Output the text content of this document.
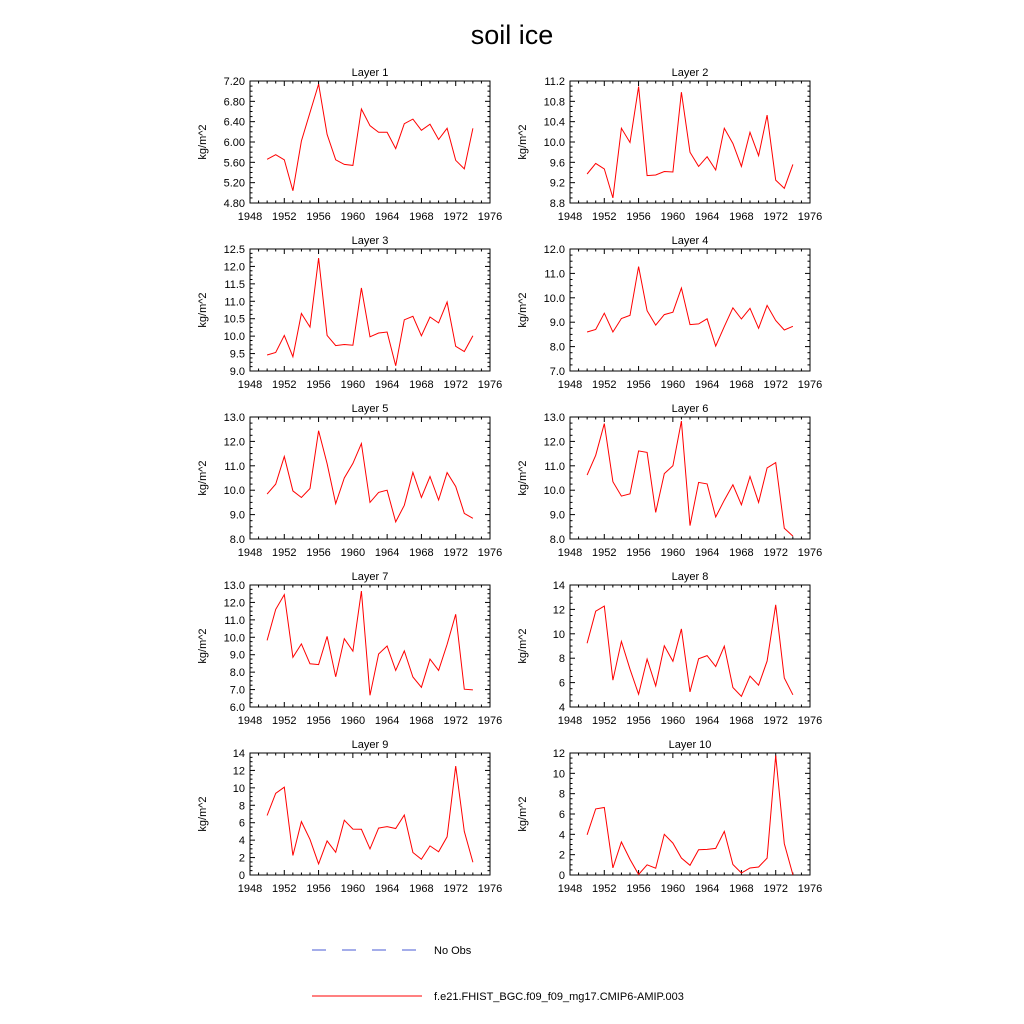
soil ice
Layer 1
1948 1952 1956 1960 1964 1968 1972 1976
4.80
5.20
5.60
6.00
6.40
6.80
7.20
kg/m^2
Layer 2
1948 1952 1956 1960 1964 1968 1972 1976
8.8
9.2
9.6
10.0
10.4
10.8
11.2
kg/m^2
Layer 3
1948 1952 1956 1960 1964 1968 1972 1976
9.0
9.5
10.0
10.5
11.0
11.5
12.0
12.5
kg/m^2
Layer 4
1948 1952 1956 1960 1964 1968 1972 1976
7.0
8.0
9.0
10.0
11.0
12.0
kg/m^2
Layer 5
1948 1952 1956 1960 1964 1968 1972 1976
8.0
9.0
10.0
11.0
12.0
13.0
kg/m^2
Layer 6
1948 1952 1956 1960 1964 1968 1972 1976
8.0
9.0
10.0
11.0
12.0
13.0
kg/m^2
Layer 7
1948 1952 1956 1960 1964 1968 1972 1976
6.0
7.0
8.0
9.0
10.0
11.0
12.0
13.0
kg/m^2
Layer 8
1948 1952 1956 1960 1964 1968 1972 1976
4
6
8
10
12
14
kg/m^2
Layer 9
1948 1952 1956 1960 1964 1968 1972 1976
0
2
4
6
8
10
12
14
kg/m^2
Layer 10
1948 1952 1956 1960 1964 1968 1972 1976
0
2
4
6
8
10
12
kg/m^2
No Obs
f.e21.FHIST_BGC.f09_f09_mg17.CMIP6-AMIP.003
